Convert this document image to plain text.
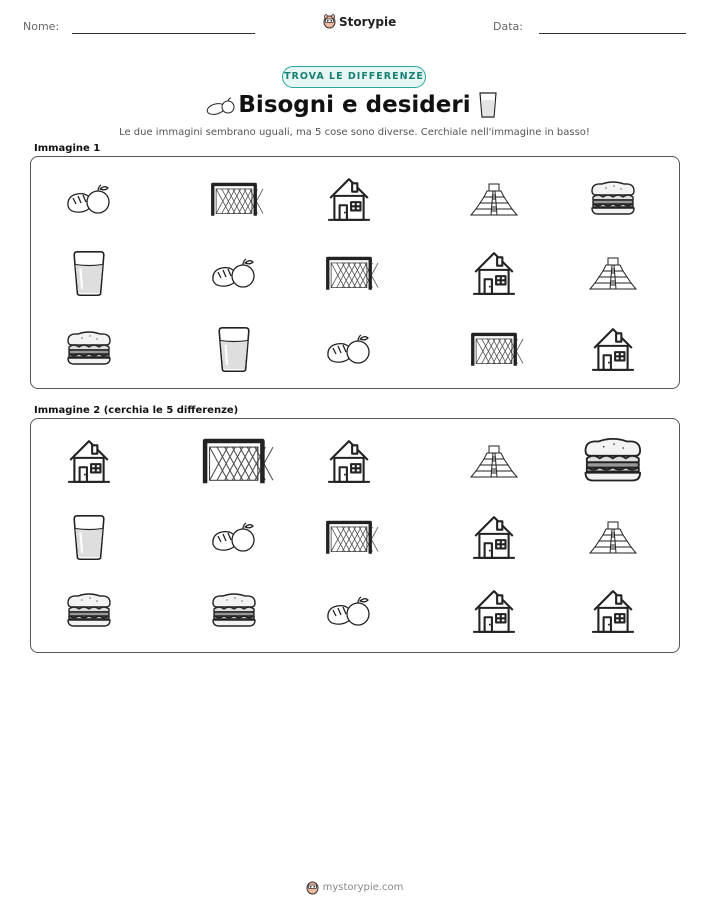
Nome:	Storypie	Data:
TROVA LE DIFFERENZE
Bisogni e desideri
Le due immagini sembrano uguali, ma 5 cose sono diverse. Cerchiale nell'immagine in basso!
Immagine 1
Immagine 2 (cerchia le 5 differenze)
mystorypie.com
